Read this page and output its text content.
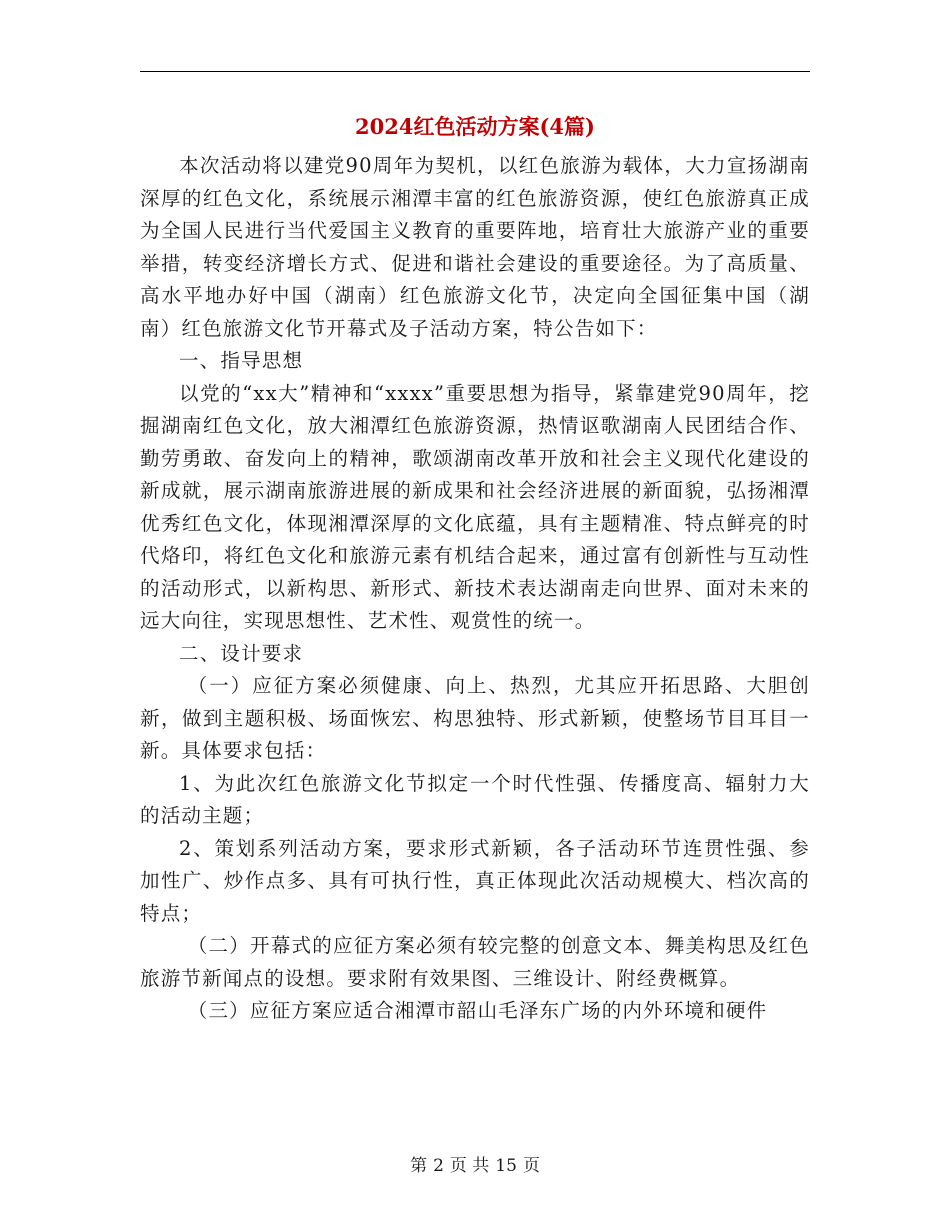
2024红色活动方案(4篇)

本次活动将以建党90周年为契机，以红色旅游为载体，大力宣扬湖南深厚的红色文化，系统展示湘潭丰富的红色旅游资源，使红色旅游真正成为全国人民进行当代爱国主义教育的重要阵地，培育壮大旅游产业的重要举措，转变经济增长方式、促进和谐社会建设的重要途径。为了高质量、高水平地办好中国（湖南）红色旅游文化节，决定向全国征集中国（湖南）红色旅游文化节开幕式及子活动方案，特公告如下：

一、指导思想

以党的“xx大”精神和“xxxx”重要思想为指导，紧靠建党90周年，挖掘湖南红色文化，放大湘潭红色旅游资源，热情讴歌湖南人民团结合作、勤劳勇敢、奋发向上的精神，歌颂湖南改革开放和社会主义现代化建设的新成就，展示湖南旅游进展的新成果和社会经济进展的新面貌，弘扬湘潭优秀红色文化，体现湘潭深厚的文化底蕴，具有主题精准、特点鲜亮的时代烙印，将红色文化和旅游元素有机结合起来，通过富有创新性与互动性的活动形式，以新构思、新形式、新技术表达湖南走向世界、面对未来的远大向往，实现思想性、艺术性、观赏性的统一。

二、设计要求

（一）应征方案必须健康、向上、热烈，尤其应开拓思路、大胆创新，做到主题积极、场面恢宏、构思独特、形式新颖，使整场节目耳目一新。具体要求包括：

1、为此次红色旅游文化节拟定一个时代性强、传播度高、辐射力大的活动主题；

2、策划系列活动方案，要求形式新颖，各子活动环节连贯性强、参加性广、炒作点多、具有可执行性，真正体现此次活动规模大、档次高的特点；

（二）开幕式的应征方案必须有较完整的创意文本、舞美构思及红色旅游节新闻点的设想。要求附有效果图、三维设计、附经费概算。

（三）应征方案应适合湘潭市韶山毛泽东广场的内外环境和硬件

第 2 页 共 15 页
